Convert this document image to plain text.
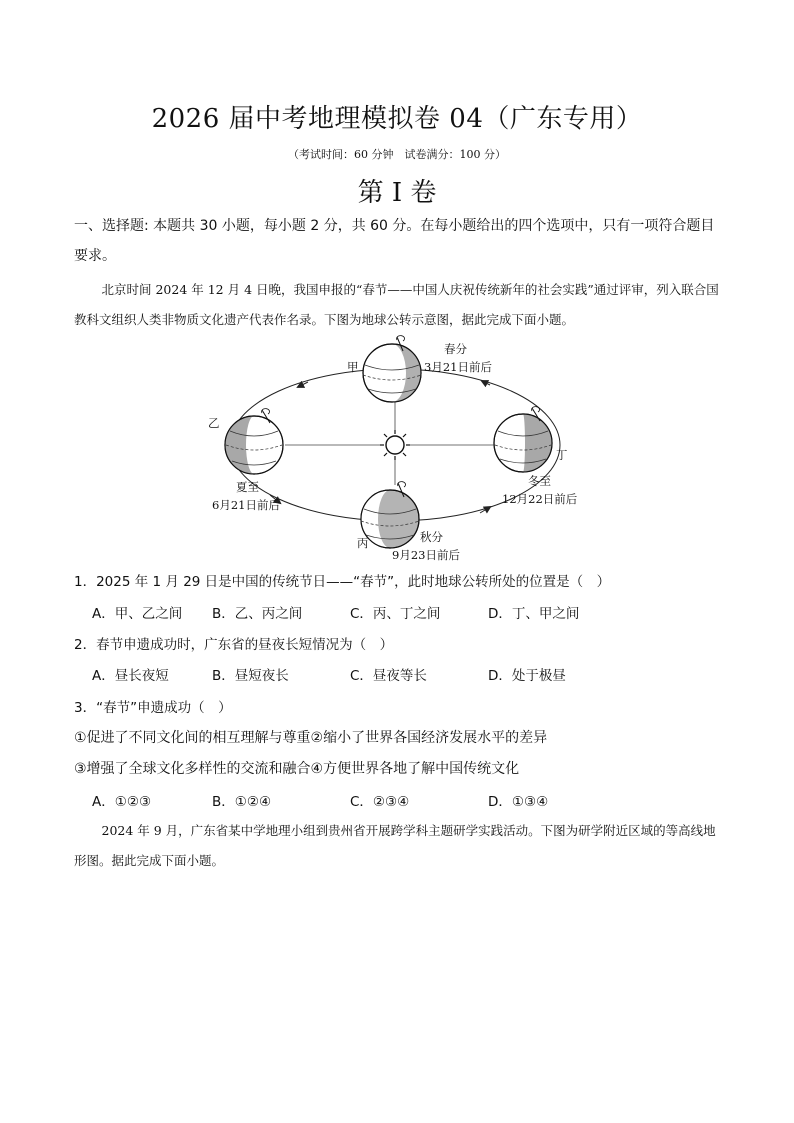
2026 届中考地理模拟卷 04（广东专用）
（考试时间：60 分钟　试卷满分：100 分）
第 I 卷
一、选择题: 本题共 30 小题，每小题 2 分，共 60 分。在每小题给出的四个选项中，只有一项符合题目要求。
北京时间 2024 年 12 月 4 日晚，我国申报的“春节——中国人庆祝传统新年的社会实践”通过评审，列入联合国教科文组织人类非物质文化遗产代表作名录。下图为地球公转示意图，据此完成下面小题。
甲
春分
3月21日前后
乙
夏至
6月21日前后
丙	秋分
9月23日前后
丁
冬至
12月22日前后
1．2025 年 1 月 29 日是中国的传统节日——“春节”，此时地球公转所处的位置是（　）
A．甲、乙之间 B．乙、丙之间	C．丙、丁之间	D．丁、甲之间
2．春节申遗成功时，广东省的昼夜长短情况为（　）
A．昼长夜短	B．昼短夜长	C．昼夜等长	D．处于极昼
3．“春节”申遗成功（　）
①促进了不同文化间的相互理解与尊重②缩小了世界各国经济发展水平的差异
③增强了全球文化多样性的交流和融合④方便世界各地了解中国传统文化
A．①②③	B．①②④	C．②③④	D．①③④
2024 年 9 月，广东省某中学地理小组到贵州省开展跨学科主题研学实践活动。下图为研学附近区域的等高线地形图。据此完成下面小题。
